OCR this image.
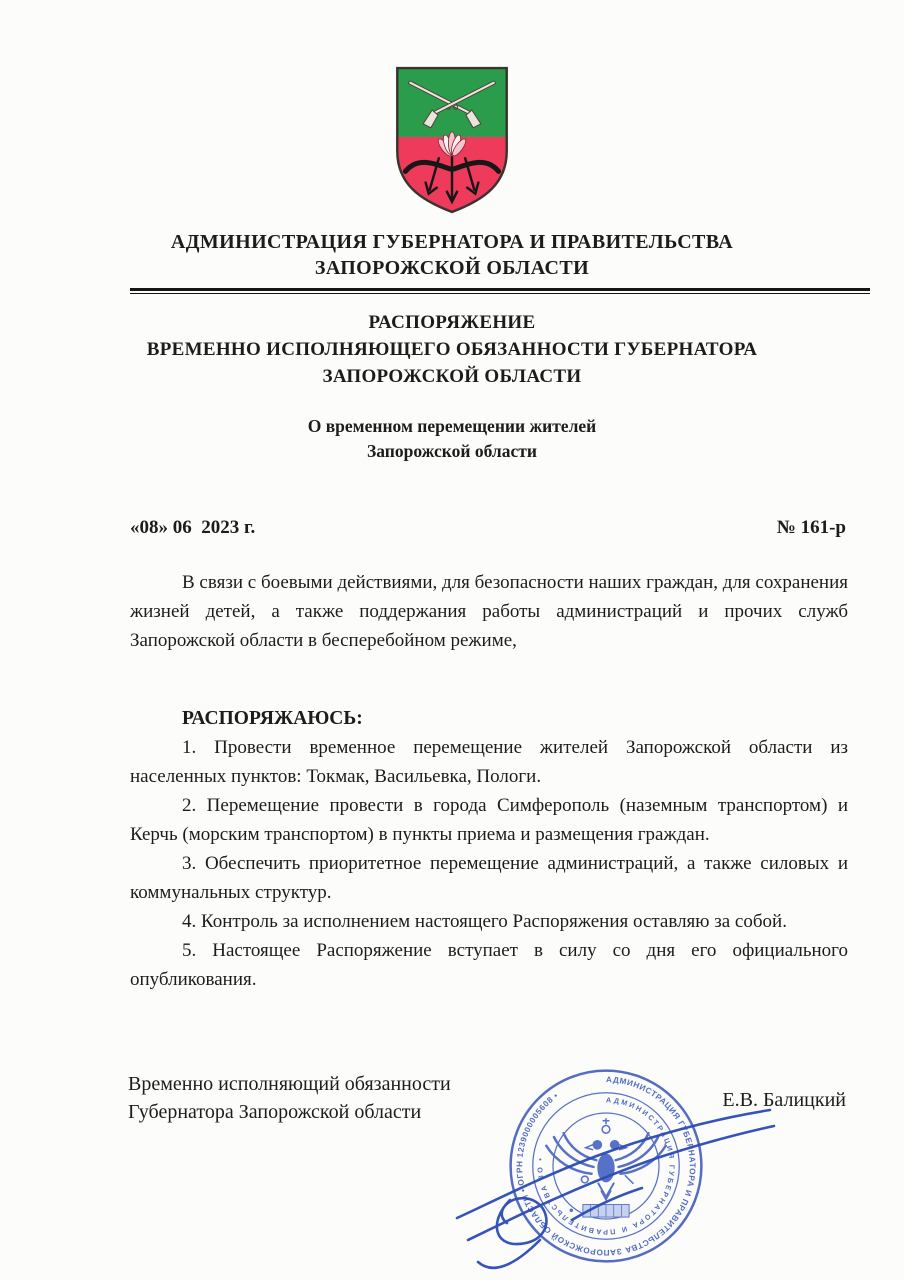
АДМИНИСТРАЦИЯ ГУБЕРНАТОРА И ПРАВИТЕЛЬСТВА
ЗАПОРОЖСКОЙ ОБЛАСТИ
РАСПОРЯЖЕНИЕ
ВРЕМЕННО ИСПОЛНЯЮЩЕГО ОБЯЗАННОСТИ ГУБЕРНАТОРА
ЗАПОРОЖСКОЙ ОБЛАСТИ
О временном перемещении жителей
Запорожской области
«08» 06  2023 г.	№ 161-р

В связи с боевыми действиями, для безопасности наших граждан, для сохранения жизней детей, а также поддержания работы администраций и прочих служб Запорожской области в бесперебойном режиме,

РАСПОРЯЖАЮСЬ:

1. Провести временное перемещение жителей Запорожской области из населенных пунктов: Токмак, Васильевка, Пологи.

2. Перемещение провести в города Симферополь (наземным транспортом) и Керчь (морским транспортом) в пункты приема и размещения граждан.

3. Обеспечить приоритетное перемещение администраций, а также силовых и коммунальных структур.

4. Контроль за исполнением настоящего Распоряжения оставляю за собой.

5. Настоящее Распоряжение вступает в силу со дня его официального опубликования.

Временно исполняющий обязанности
Губернатора Запорожской области
Е.В. Балицкий
АДМИНИСТРАЦИЯ ГУБЕРНАТОРА И ПРАВИТЕЛЬСТВА ЗАПОРОЖСКОЙ ОБЛАСТИ • ОГРН 1239000005608 •	АДМИНИСТРАЦИЯ ГУБЕРНАТОРА И ПРАВИТЕЛЬСТВА ЗО •
